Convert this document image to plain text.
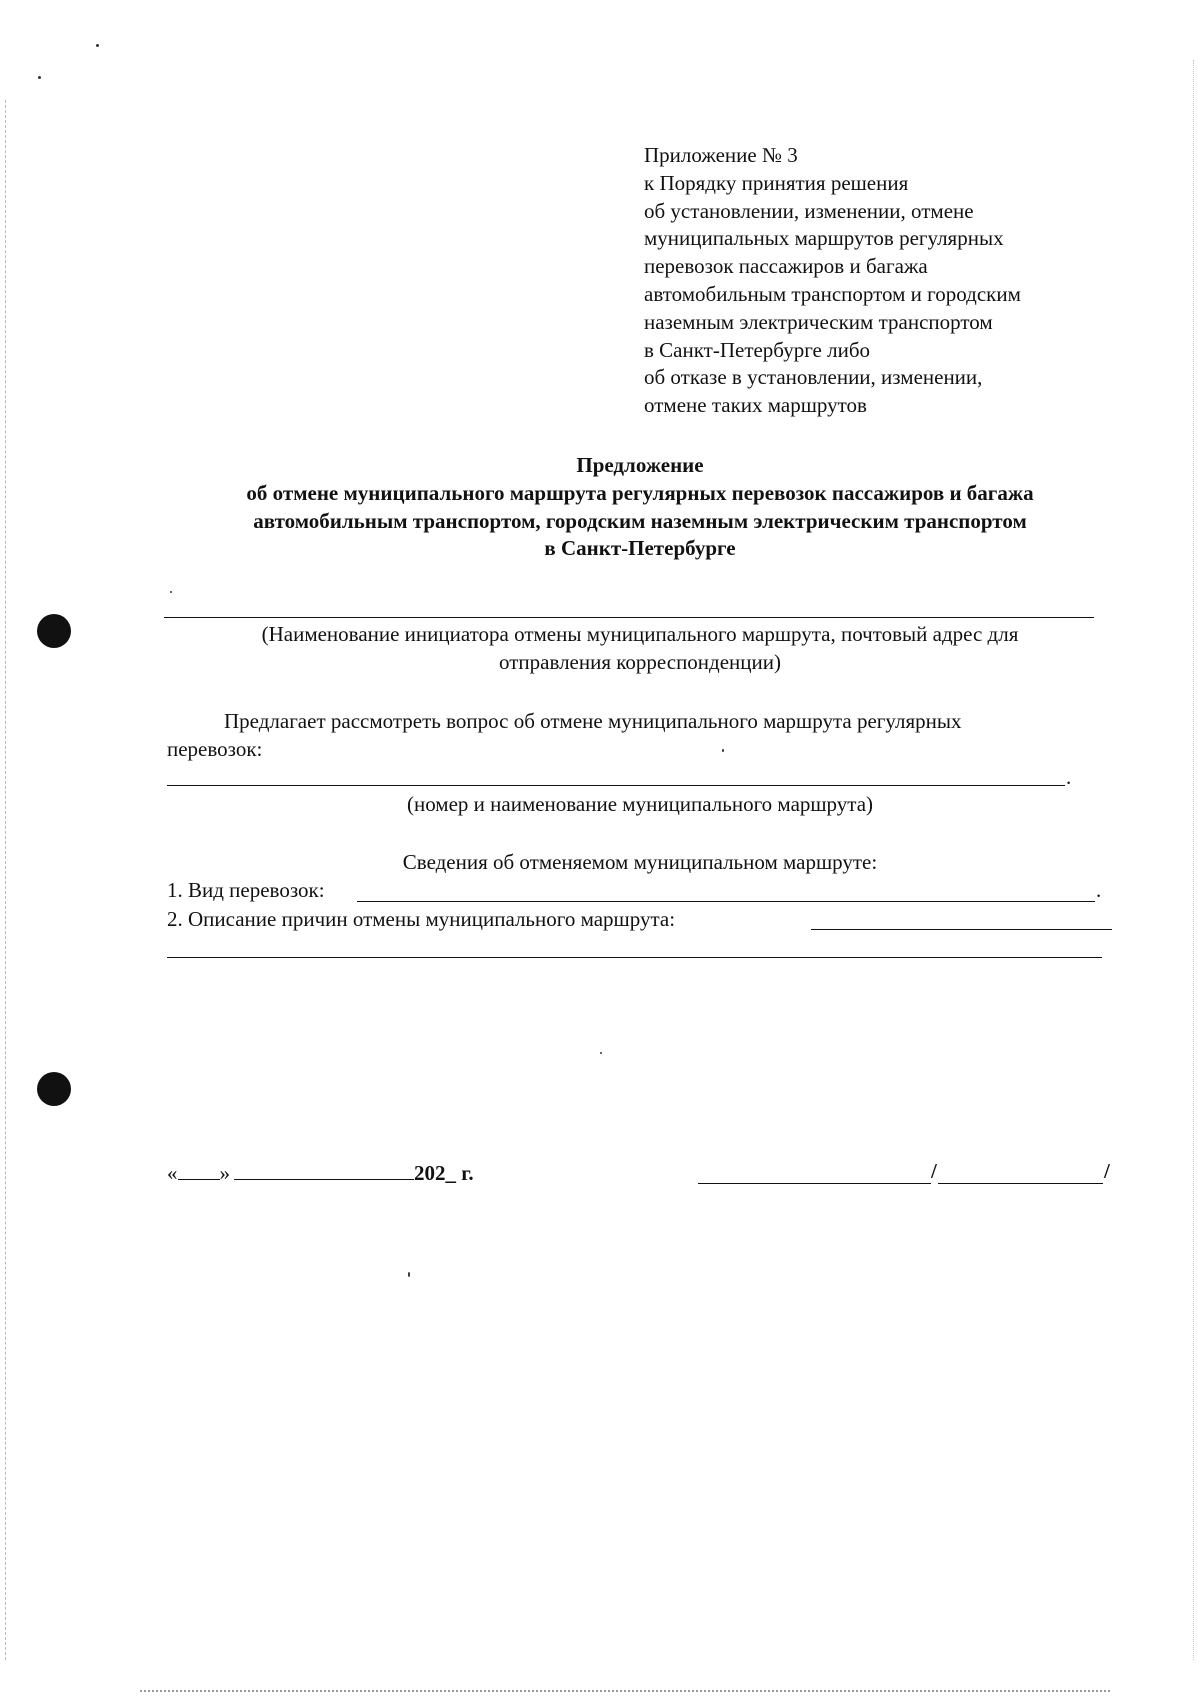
Приложение № 3
к Порядку принятия решения
об установлении, изменении, отмене
муниципальных маршрутов регулярных
перевозок пассажиров и багажа
автомобильным транспортом и городским
наземным электрическим транспортом
в Санкт-Петербурге либо
об отказе в установлении, изменении,
отмене таких маршрутов
Предложение
об отмене муниципального маршрута регулярных перевозок пассажиров и багажа
автомобильным транспортом, городским наземным электрическим транспортом
в Санкт-Петербурге
(Наименование инициатора отмены муниципального маршрута, почтовый адрес для
отправления корреспонденции)
Предлагает рассмотреть вопрос об отмене муниципального маршрута регулярных
перевозок:
.
(номер и наименование муниципального маршрута)
Сведения об отменяемом муниципальном маршруте:
1. Вид перевозок:	.
2. Описание причин отмены муниципального маршрута:
« »	202_ г.	/	/
